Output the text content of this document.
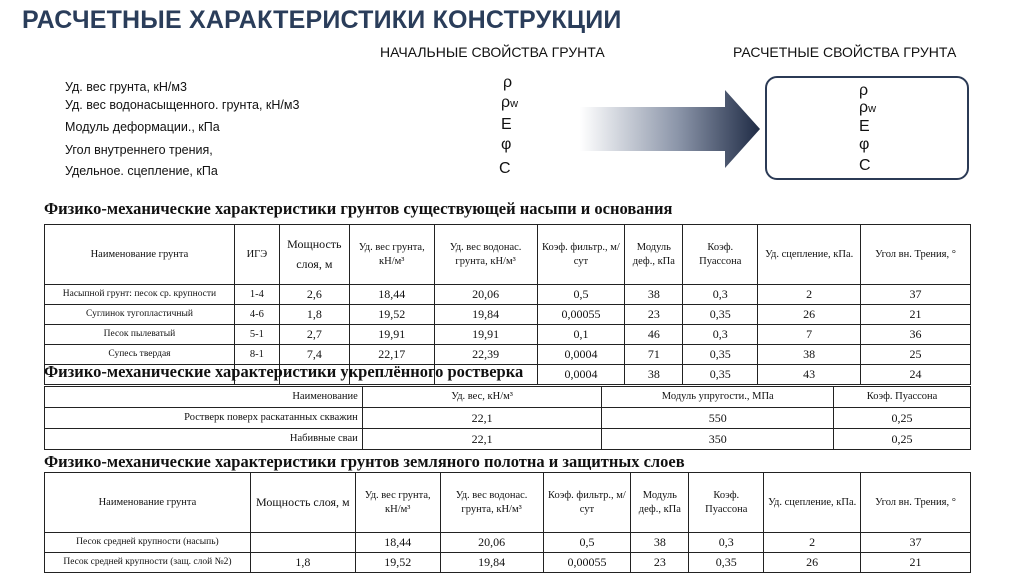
РАСЧЕТНЫЕ ХАРАКТЕРИСТИКИ КОНСТРУКЦИИ
НАЧАЛЬНЫЕ СВОЙСТВА ГРУНТА	РАСЧЕТНЫЕ СВОЙСТВА ГРУНТА
Уд. вес грунта, кН/м3
Уд. вес водонасыщенного. грунта, кН/м3
Модуль деформации., кПа
Угол внутреннего трения,
Удельное. сцепление, кПа
ρ
ρw
E
φ
C
ρ
ρw
E
φ
C
Физико-механические характеристики грунтов существующей насыпи и основания
Наименование грунта	ИГЭ	Мощность слоя, м	Уд. вес грунта, кН/м³	Уд. вес водонас. грунта, кН/м³	Коэф. фильтр., м/сут	Модуль деф., кПа	Коэф. Пуассона	Уд. сцепление, кПа.	Угол вн. Трения, °
Насыпной грунт: песок ср. крупности	1-4	2,6	18,44	20,06	0,5	38	0,3	2	37
Суглинок тугопластичный	4-6	1,8	19,52	19,84	0,00055	23	0,35	26	21
Песок пылеватый	5-1	2,7	19,91	19,91	0,1	46	0,3	7	36
Супесь твердая	8-1	7,4	22,17	22,39	0,0004	71	0,35	38	25
					0,0004	38	0,35	43	24
Физико-механические характеристики укреплённого ростверка
Наименование	Уд. вес, кН/м³	Модуль упругости., МПа	Коэф. Пуассона
Ростверк поверх раскатанных скважин	22,1	550	0,25
Набивные сваи	22,1	350	0,25
Физико-механические характеристики грунтов земляного полотна и защитных слоев
Наименование грунта	Мощность слоя, м	Уд. вес грунта, кН/м³	Уд. вес водонас. грунта, кН/м³	Коэф. фильтр., м/сут	Модуль деф., кПа	Коэф. Пуассона	Уд. сцепление, кПа.	Угол вн. Трения, °
Песок средней крупности (насыпь)		18,44	20,06	0,5	38	0,3	2	37
Песок средней крупности (защ. слой №2)	1,8	19,52	19,84	0,00055	23	0,35	26	21
